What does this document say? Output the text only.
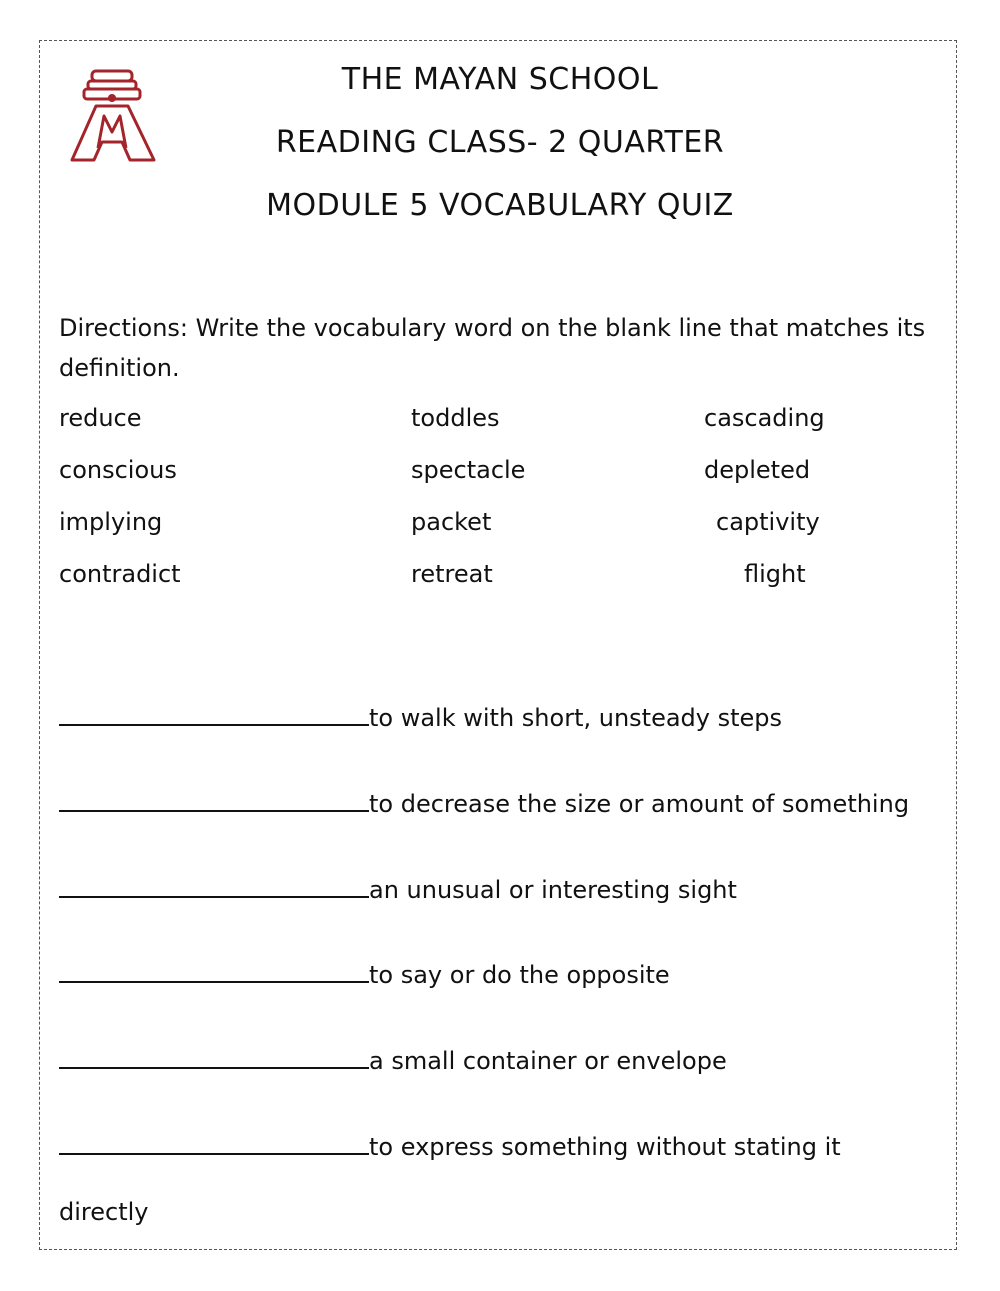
THE MAYAN SCHOOL
READING CLASS- 2 QUARTER
MODULE 5 VOCABULARY QUIZ
Directions: Write the vocabulary word on the blank line that matches its definition.
reduce	toddles	cascading
conscious	spectacle	depleted
implying	packet	captivity
contradict	retreat	flight
to walk with short, unsteady steps
to decrease the size or amount of something
an unusual or interesting sight
to say or do the opposite
a small container or envelope
to express something without stating it
directly
